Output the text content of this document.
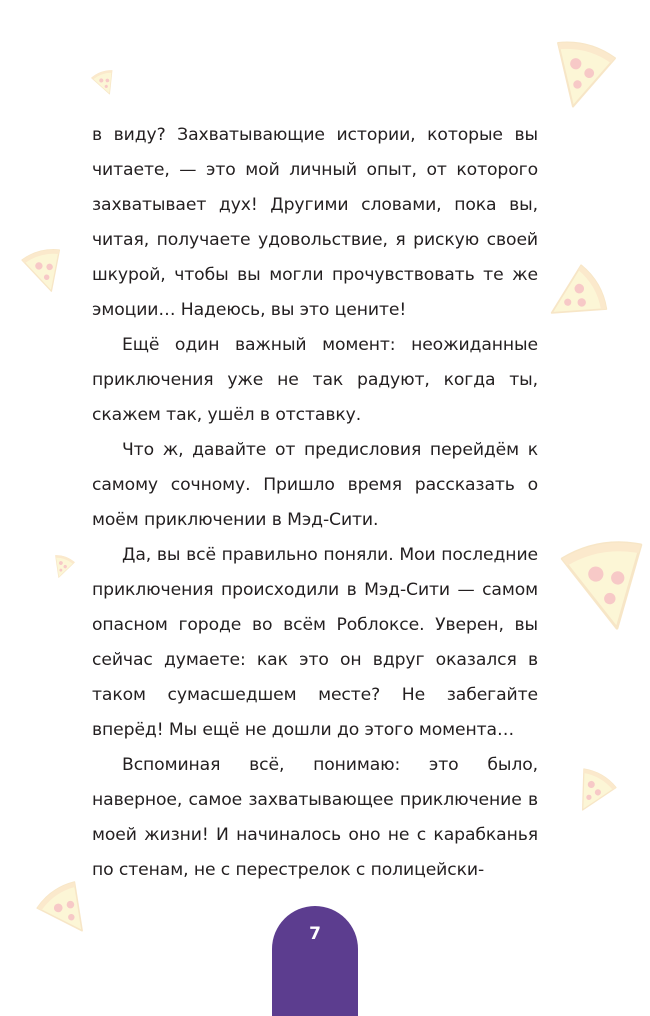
в виду? Захватывающие истории, которые вы читаете, — это мой личный опыт, от которого захватывает дух! Другими словами, пока вы, читая, получаете удовольствие, я рискую своей шкурой, чтобы вы могли прочувствовать те же эмоции… Надеюсь, вы это цените!

Ещё один важный момент: неожиданные приключения уже не так радуют, когда ты, скажем так, ушёл в отставку.

Что ж, давайте от предисловия перейдём к самому сочному. Пришло время рассказать о моём приключении в Мэд-Сити.

Да, вы всё правильно поняли. Мои последние приключения происходили в Мэд-Сити — самом опасном городе во всём Роблоксе. Уверен, вы сейчас думаете: как это он вдруг оказался в таком сумасшедшем месте? Не забегайте вперёд! Мы ещё не дошли до этого момента…

Вспоминая всё, понимаю: это было, наверное, самое захватывающее приключение в моей жизни! И начиналось оно не с карабканья по стенам, не с перестрелок с полицейски-

7
